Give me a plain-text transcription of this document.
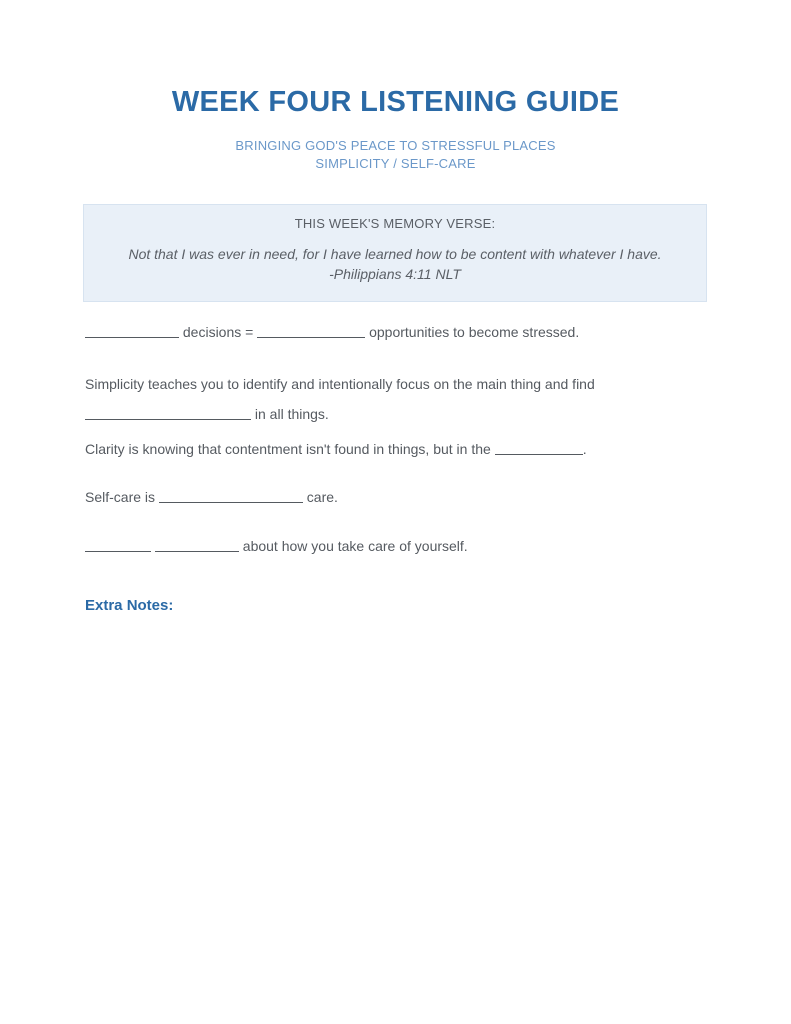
WEEK FOUR LISTENING GUIDE
BRINGING GOD'S PEACE TO STRESSFUL PLACES
SIMPLICITY / SELF-CARE
THIS WEEK'S MEMORY VERSE:
Not that I was ever in need, for I have learned how to be content with whatever I have.
-Philippians 4:11 NLT
decisions =	opportunities to become stressed.
Simplicity teaches you to identify and intentionally focus on the main thing and find
in all things.
Clarity is knowing that contentment isn't found in things, but in the	.
Self-care is	care.
about how you take care of yourself.
Extra Notes:
